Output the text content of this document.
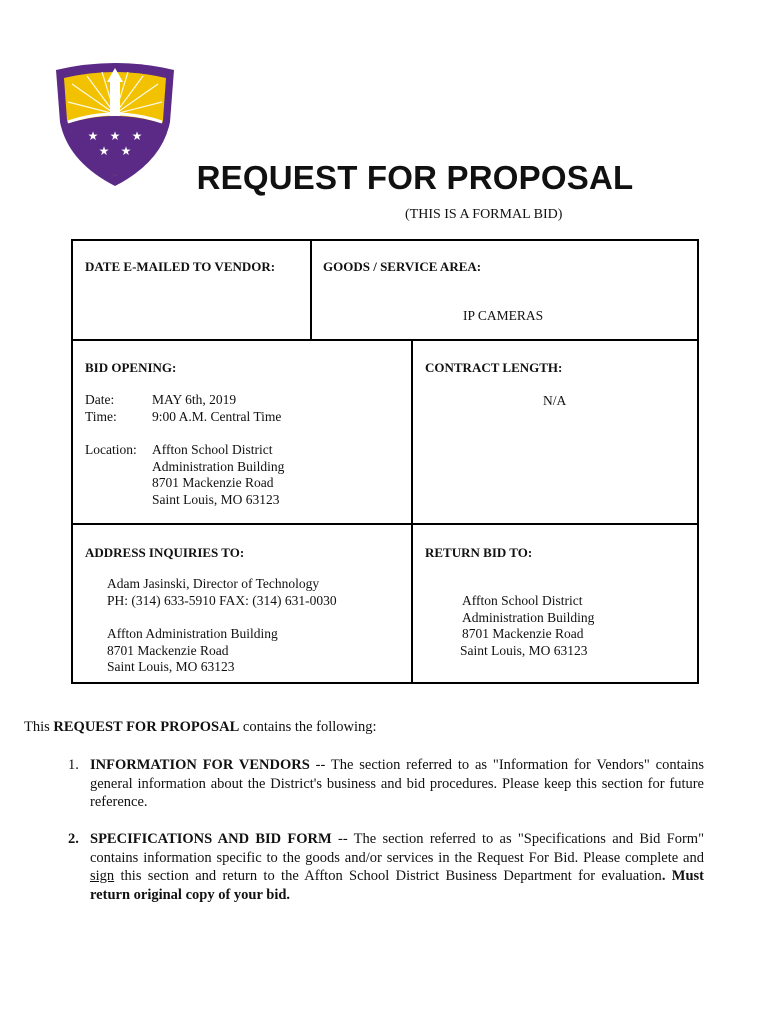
★ ★ ★
★ ★
REQUEST FOR PROPOSAL
(THIS IS A FORMAL BID)
DATE E-MAILED TO VENDOR:	GOODS / SERVICE AREA:
IP CAMERAS
BID OPENING:
Date:	MAY 6th, 2019
Time:	9:00 A.M. Central Time
Location: Affton School District
Administration Building
8701 Mackenzie Road
Saint Louis, MO 63123
CONTRACT LENGTH:
N/A
ADDRESS INQUIRIES TO:
Adam Jasinski, Director of Technology
PH: (314) 633-5910 FAX: (314) 631-0030
Affton Administration Building
8701 Mackenzie Road
Saint Louis, MO 63123
RETURN BID TO:
Affton School District
Administration Building
8701 Mackenzie Road
Saint Louis, MO 63123
This REQUEST FOR PROPOSAL contains the following:
1. INFORMATION FOR VENDORS -- The section referred to as "Information for Vendors" contains general information about the District's business and bid procedures. Please keep this section for future reference.
2. SPECIFICATIONS AND BID FORM -- The section referred to as "Specifications and Bid Form" contains information specific to the goods and/or services in the Request For Bid. Please complete and sign this section and return to the Affton School District Business Department for evaluation. Must return original copy of your bid.
